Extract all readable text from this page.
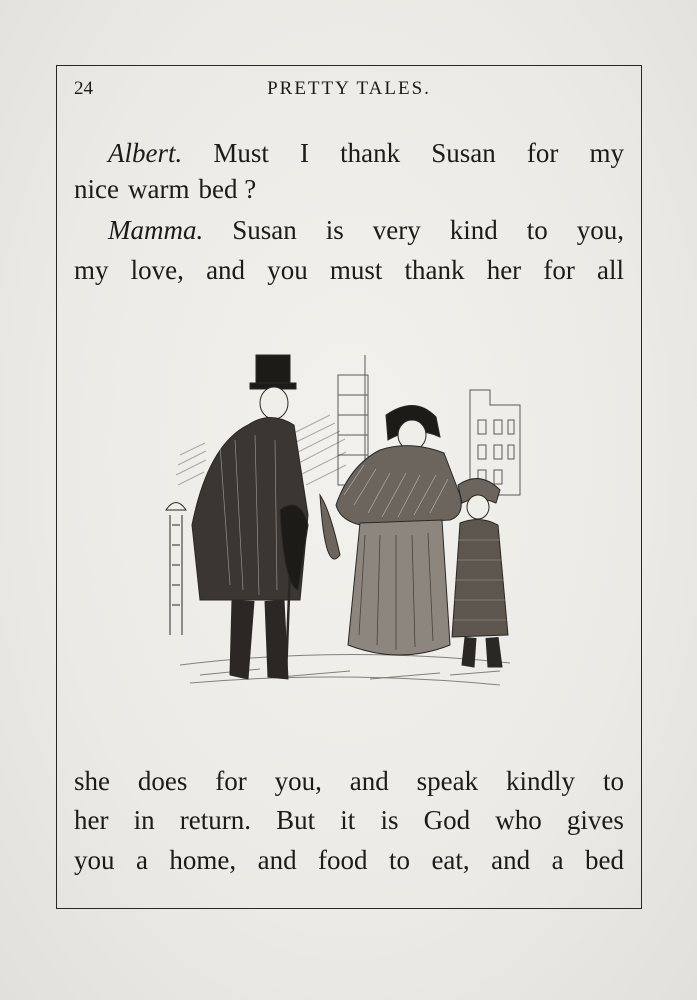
24	PRETTY TALES.
Albert. Must I thank Susan for my
nice warm bed ?
Mamma. Susan is very kind to you,
my love, and you must thank her for all
she does for you, and speak kindly to
her in return. But it is God who gives
you a home, and food to eat, and a bed
